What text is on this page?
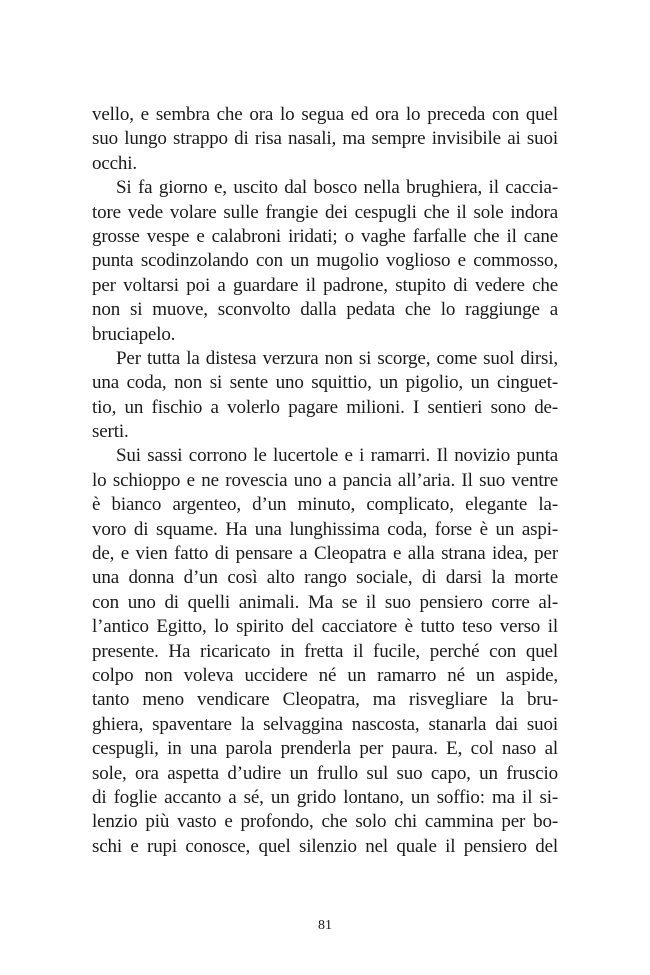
vello, e sembra che ora lo segua ed ora lo preceda con quel
suo lungo strappo di risa nasali, ma sempre invisibile ai suoi
occhi.
Si fa giorno e, uscito dal bosco nella brughiera, il caccia-
tore vede volare sulle frangie dei cespugli che il sole indora
grosse vespe e calabroni iridati; o vaghe farfalle che il cane
punta scodinzolando con un mugolio voglioso e commosso,
per voltarsi poi a guardare il padrone, stupito di vedere che
non si muove, sconvolto dalla pedata che lo raggiunge a
bruciapelo.
Per tutta la distesa verzura non si scorge, come suol dirsi,
una coda, non si sente uno squittio, un pigolio, un cinguet-
tio, un fischio a volerlo pagare milioni. I sentieri sono de-
serti.
Sui sassi corrono le lucertole e i ramarri. Il novizio punta
lo schioppo e ne rovescia uno a pancia all’aria. Il suo ventre
è bianco argenteo, d’un minuto, complicato, elegante la-
voro di squame. Ha una lunghissima coda, forse è un aspi-
de, e vien fatto di pensare a Cleopatra e alla strana idea, per
una donna d’un così alto rango sociale, di darsi la morte
con uno di quelli animali. Ma se il suo pensiero corre al-
l’antico Egitto, lo spirito del cacciatore è tutto teso verso il
presente. Ha ricaricato in fretta il fucile, perché con quel
colpo non voleva uccidere né un ramarro né un aspide,
tanto meno vendicare Cleopatra, ma risvegliare la bru-
ghiera, spaventare la selvaggina nascosta, stanarla dai suoi
cespugli, in una parola prenderla per paura. E, col naso al
sole, ora aspetta d’udire un frullo sul suo capo, un fruscio
di foglie accanto a sé, un grido lontano, un soffio: ma il si-
lenzio più vasto e profondo, che solo chi cammina per bo-
schi e rupi conosce, quel silenzio nel quale il pensiero del
81
